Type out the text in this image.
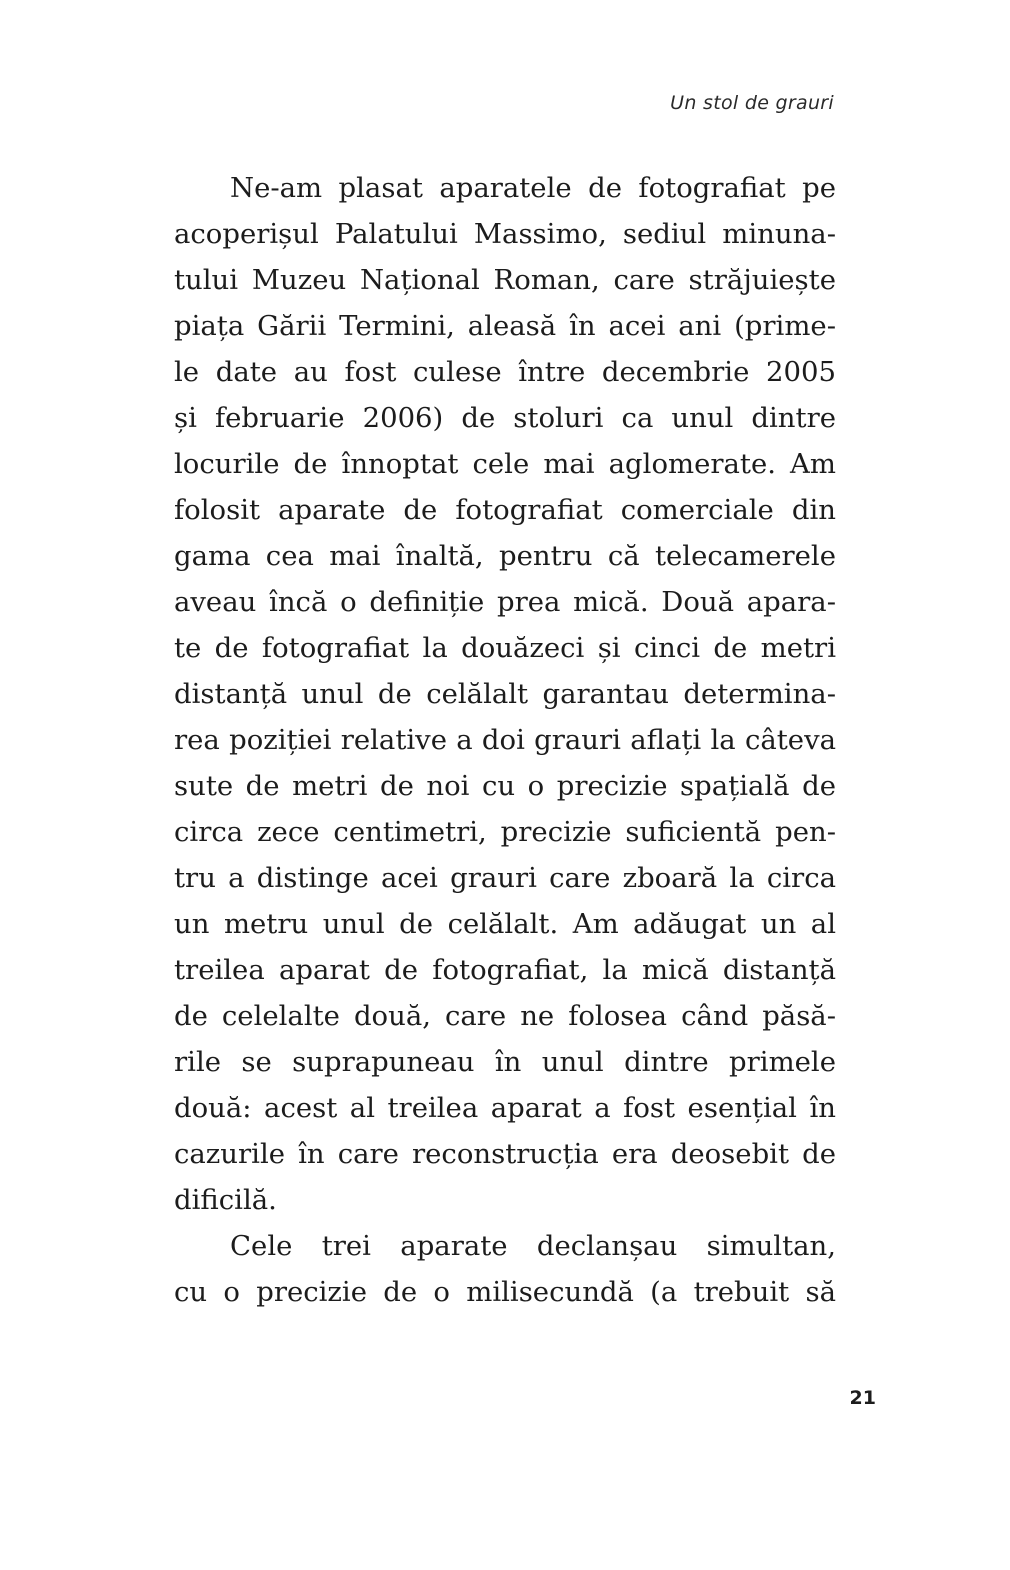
Un stol de grauri
Ne-am plasat aparatele de fotografiat pe
acoperișul Palatului Massimo, sediul minuna-
tului Muzeu Național Roman, care străjuiește
piața Gării Termini, aleasă în acei ani (prime-
le date au fost culese între decembrie 2005
și februarie 2006) de stoluri ca unul dintre
locurile de înnoptat cele mai aglomerate. Am
folosit aparate de fotografiat comerciale din
gama cea mai înaltă, pentru că telecamerele
aveau încă o definiție prea mică. Două apara-
te de fotografiat la douăzeci și cinci de metri
distanță unul de celălalt garantau determina-
rea poziției relative a doi grauri aflați la câteva
sute de metri de noi cu o precizie spațială de
circa zece centimetri, precizie suficientă pen-
tru a distinge acei grauri care zboară la circa
un metru unul de celălalt. Am adăugat un al
treilea aparat de fotografiat, la mică distanță
de celelalte două, care ne folosea când păsă-
rile se suprapuneau în unul dintre primele
două: acest al treilea aparat a fost esențial în
cazurile în care reconstrucția era deosebit de
dificilă.
Cele trei aparate declanșau simultan,
cu o precizie de o milisecundă (a trebuit să
21
